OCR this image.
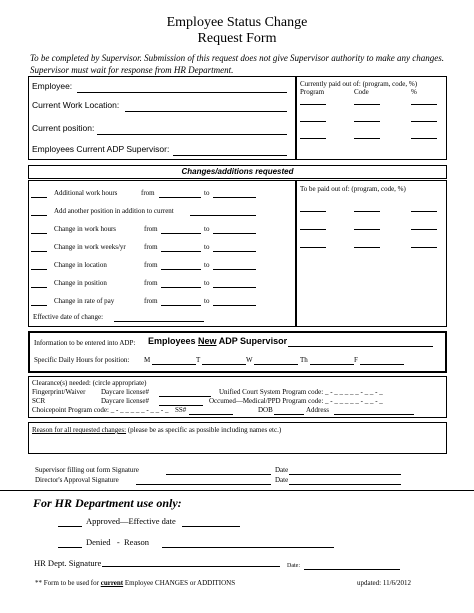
Employee Status Change
Request Form
To be completed by Supervisor. Submission of this request does not give Supervisor authority to make any changes. Supervisor must wait for response from HR Department.
Employee:
Current Work Location:
Current position:
Employees Current ADP Supervisor:
Currently paid out of: (program, code, %)
Program	Code	%
Changes/additions requested
To be paid out of: (program, code, %)
Additional work hours	from	to
Add another position in addition to current
Change in work hours	from	to
Change in work weeks/yr	from	to
Change in location	from	to
Change in position	from	to
Change in rate of pay	from	to
Effective date of change:
Information to be entered into ADP: Employees New ADP Supervisor
Specific Daily Hours for position: M	T	W	Th	F
Clearance(s) needed: (circle appropriate)
Fingerprint/Waiver Daycare license#	Unified Court System Program code: _ - _ _ _ _ _ - _ _ - _
SCR	Daycare license#	Occumed—Medical/PPD Program code: _ - _ _ _ _ _ - _ _ - _
Choicepoint Program code: _ - _ _ _ _ _ - _ _ - _ SS#	DOB	Address
Reason for all requested changes: (please be as specific as possible including names etc.)
Supervisor filling out form Signature	Date
Director's Approval Signature	Date
For HR Department use only:
Approved—Effective date
Denied   -  Reason
HR Dept. Signature	Date:
** Form to be used for current Employee CHANGES or ADDITIONS	updated: 11/6/2012
